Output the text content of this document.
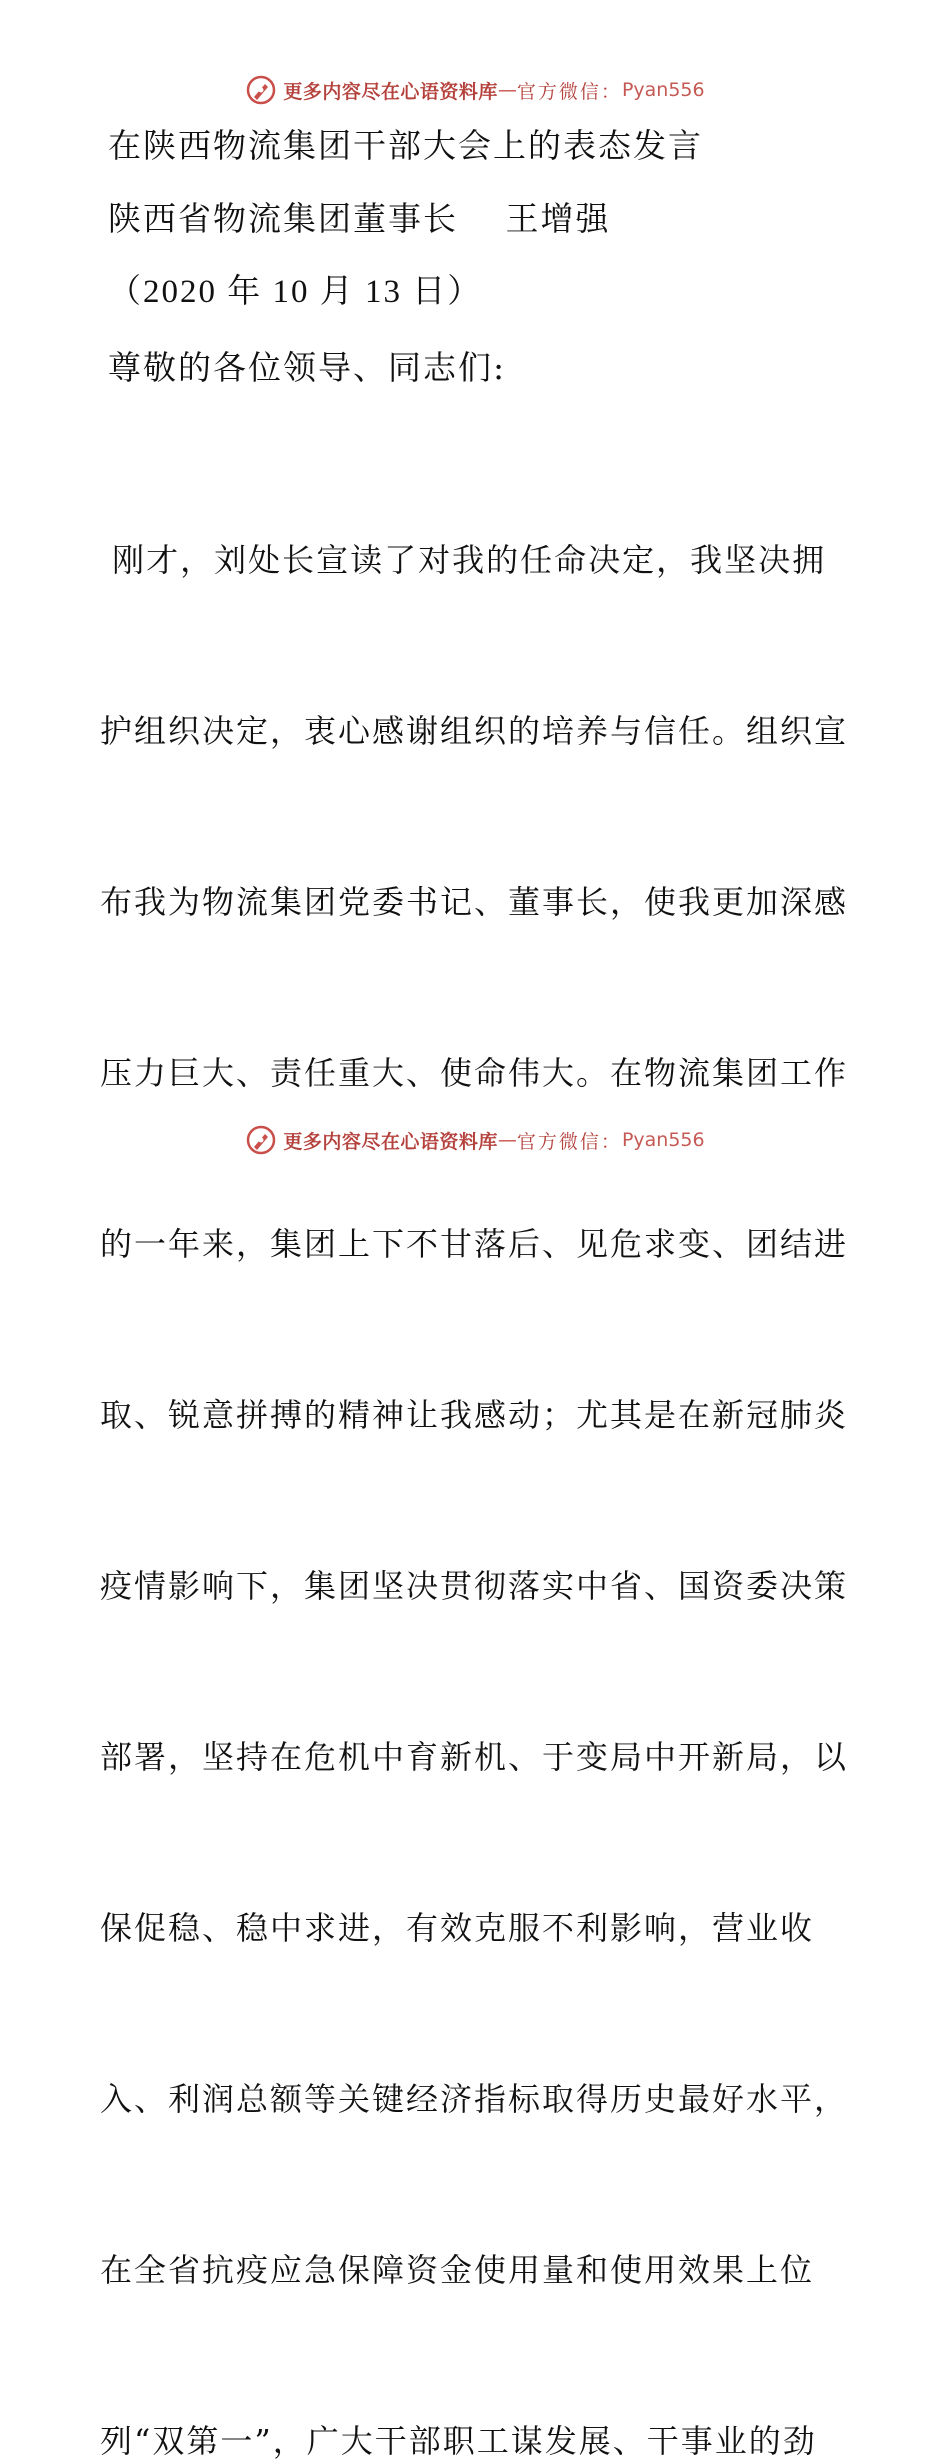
更多内容尽在心语资料库 — 官方微信： Pyan556
在陕西物流集团干部大会上的表态发言
陕西省物流集团董事长　 王增强
（2020 年 10 月 13 日）
尊敬的各位领导、同志们:

刚才，刘处长宣读了对我的任命决定，我坚决拥

护组织决定，衷心感谢组织的培养与信任。组织宣

布我为物流集团党委书记、董事长，使我更加深感

压力巨大、责任重大、使命伟大。在物流集团工作

的一年来，集团上下不甘落后、见危求变、团结进

取、锐意拼搏的精神让我感动；尤其是在新冠肺炎

疫情影响下，集团坚决贯彻落实中省、国资委决策

部署，坚持在危机中育新机、于变局中开新局，以

保促稳、稳中求进，有效克服不利影响，营业收

入、利润总额等关键经济指标取得历史最好水平，

在全省抗疫应急保障资金使用量和使用效果上位

列“双第一”，广大干部职工谋发展、干事业的劲

更多内容尽在心语资料库 — 官方微信： Pyan556
